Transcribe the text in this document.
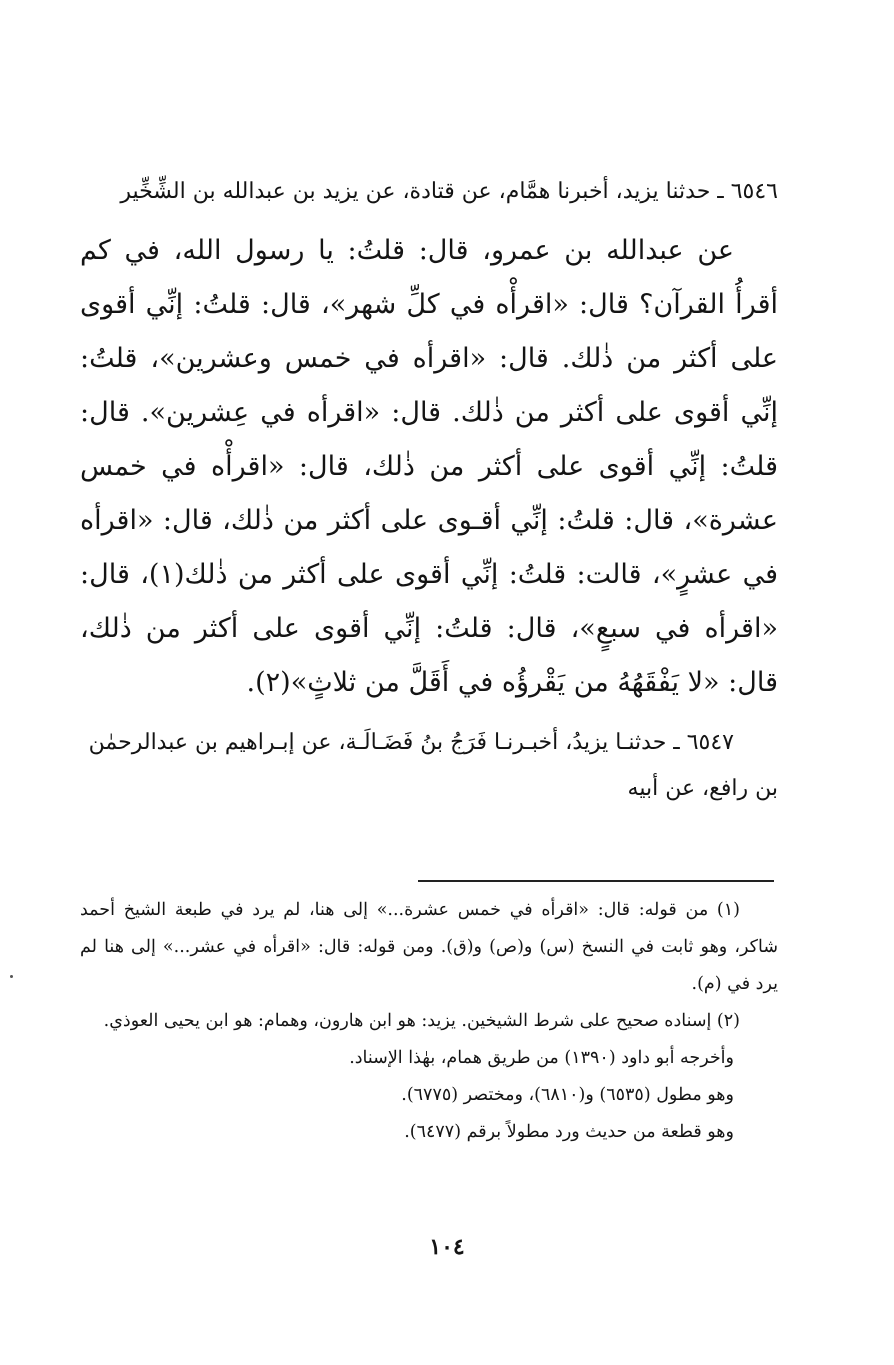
٦٥٤٦ ـ حدثنا يزيد، أخبرنا همَّام، عن قتادة، عن يزيد بن عبدالله بن الشِّخِّير

عن عبدالله بن عمرو، قال: قلتُ: يا رسول الله، في كم أقرأُ القرآن؟ قال: «اقرأْه في كلِّ شهر»، قال: قلتُ: إنِّي أقوى على أكثر من ذٰلك. قال: «اقرأه في خمس وعشرين»، قلتُ: إنِّي أقوى على أكثر من ذٰلك. قال: «اقرأه في عِشرين». قال: قلتُ: إنِّي أقوى على أكثر من ذٰلك، قال: «اقرأْه في خمس عشرة»، قال: قلتُ: إنِّي أقـوى على أكثر من ذٰلك، قال: «اقرأه في عشرٍ»، قالت: قلتُ: إنِّي أقوى على أكثر من ذٰلك(١)، قال: «اقرأه في سبعٍ»، قال: قلتُ: إنِّي أقوى على أكثر من ذٰلك، قال: «لا يَفْقَهُهُ من يَقْرؤُه في أَقَلَّ من ثلاثٍ»(٢).

٦٥٤٧ ـ حدثنـا يزيدُ، أخبـرنـا فَرَجُ بنُ فَضَـالَـة، عن إبـراهيم بن عبدالرحمٰن بن رافع، عن أبيه

(١) من قوله: قال: «اقرأه في خمس عشرة...» إلى هنا، لم يرد في طبعة الشيخ أحمد شاكر، وهو ثابت في النسخ (س) و(ص) و(ق). ومن قوله: قال: «اقرأه في عشر...» إلى هنا لم يرد في (م).

(٢) إسناده صحيح على شرط الشيخين. يزيد: هو ابن هارون، وهمام: هو ابن يحيى العوذي.

وأخرجه أبو داود (١٣٩٠) من طريق همام، بهٰذا الإسناد.

وهو مطول (٦٥٣٥) و(٦٨١٠)، ومختصر (٦٧٧٥).

وهو قطعة من حديث ورد مطولاً برقم (٦٤٧٧).

١٠٤
